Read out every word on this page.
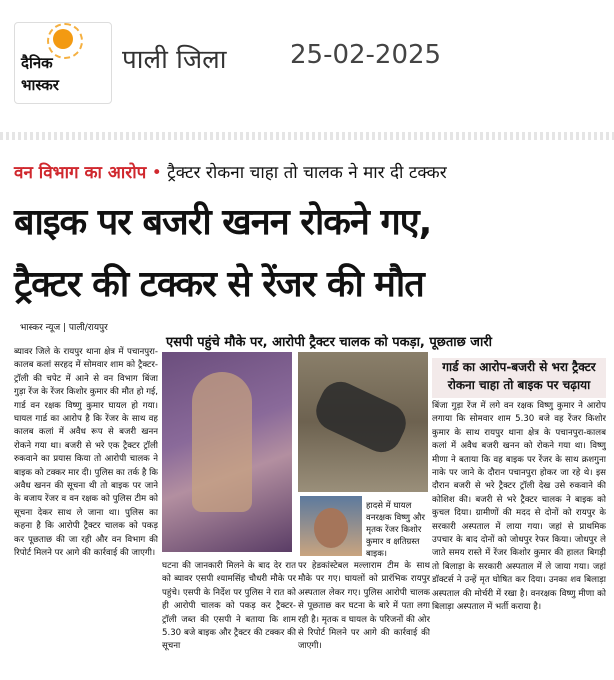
दैनिक
भास्कर
पाली जिला 25-02-2025
वन विभाग का आरोप • ट्रैक्टर रोकना चाहा तो चालक ने मार दी टक्कर
बाइक पर बजरी खनन रोकने गए,
ट्रैक्टर की टक्कर से रेंजर की मौत
भास्कर न्यूज | पाली/रायपुर
एसपी पहुंचे मौके पर, आरोपी ट्रैक्टर चालक को पकड़ा, पूछताछ जारी
ब्यावर जिले के रायपुर थाना क्षेत्र में पचानपुरा-कालब कलां सरहद में सोमवार शाम को ट्रैक्टर-ट्रॉली की चपेट में आने से वन विभाग बिंजा गुड़ा रेंज के रेंजर किशोर कुमार की मौत हो गई, गार्ड वन रक्षक विष्णु कुमार घायल हो गया। घायल गार्ड का आरोप है कि रेंजर के साथ वह कालब कलां में अवैध रूप से बजरी खनन रोकने गया था। बजरी से भरे एक ट्रैक्टर ट्रॉली रुकवाने का प्रयास किया तो आरोपी चालक ने बाइक को टक्कर मार दी। पुलिस का तर्क है कि अवैध खनन की सूचना थी तो बाइक पर जाने के बजाय रेंजर व वन रक्षक को पुलिस टीम को सूचना देकर साथ ले जाना था। पुलिस का कहना है कि आरोपी ट्रैक्टर चालक को पकड़ कर पूछताछ की जा रही और वन विभाग की रिपोर्ट मिलने पर आगे की कार्रवाई की जाएगी।
हादसे में घायल वनरक्षक विष्णु और मृतक रेंजर किशोर कुमार व क्षतिग्रस्त बाइक।
घटना की जानकारी मिलने के बाद देर रात को ब्यावर एसपी श्यामसिंह चौधरी मौके पर पहुंचे। एसपी के निर्देश पर पुलिस ने रात को ही आरोपी चालक को पकड़ कर ट्रैक्टर-ट्रॉली जब्त की एसपी ने बताया कि शाम 5.30 बजे बाइक और ट्रैक्टर की टक्कर की सूचना
पर हेडकांस्टेबल मल्लाराम टीम के साथ मौके पर गए। घायलों को प्रारंभिक रायपुर अस्पताल लेकर गए। पुलिस आरोपी चालक से पूछताछ कर घटना के बारे में पता लगा रही है। मृतक व घायल के परिजनों की ओर से रिपोर्ट मिलने पर आगे की कार्रवाई की जाएगी।
गार्ड का आरोप-बजरी से भरा ट्रैक्टर रोकना चाहा तो बाइक पर चढ़ाया
बिंजा गुड़ा रेंज में लगे वन रक्षक विष्णु कुमार ने आरोप लगाया कि सोमवार शाम 5.30 बजे वह रेंजर किशोर कुमार के साथ रायपुर थाना क्षेत्र के पचानपुरा-कालब कलां में अवैध बजरी खनन को रोकने गया था। विष्णु मीणा ने बताया कि वह बाइक पर रेंजर के साथ क्रशगुना नाके पर जाने के दौरान पचानपुरा होकर जा रहे थे। इस दौरान बजरी से भरे ट्रैक्टर ट्रॉली देख उसे रुकवाने की कोशिश की। बजरी से भरे ट्रैक्टर चालक ने बाइक को कुचल दिया। ग्रामीणों की मदद से दोनों को रायपुर के सरकारी अस्पताल में लाया गया। जहां से प्राथमिक उपचार के बाद दोनों को जोधपुर रेफर किया। जोधपुर ले जाते समय रास्ते में रेंजर किशोर कुमार की हालत बिगड़ी तो बिलाड़ा के सरकारी अस्पताल में ले जाया गया। जहां डॉक्टर्स ने उन्हें मृत घोषित कर दिया। उनका शव बिलाड़ा अस्पताल की मोर्चरी में रखा है। वनरक्षक विष्णु मीणा को बिलाड़ा अस्पताल में भर्ती कराया है।
